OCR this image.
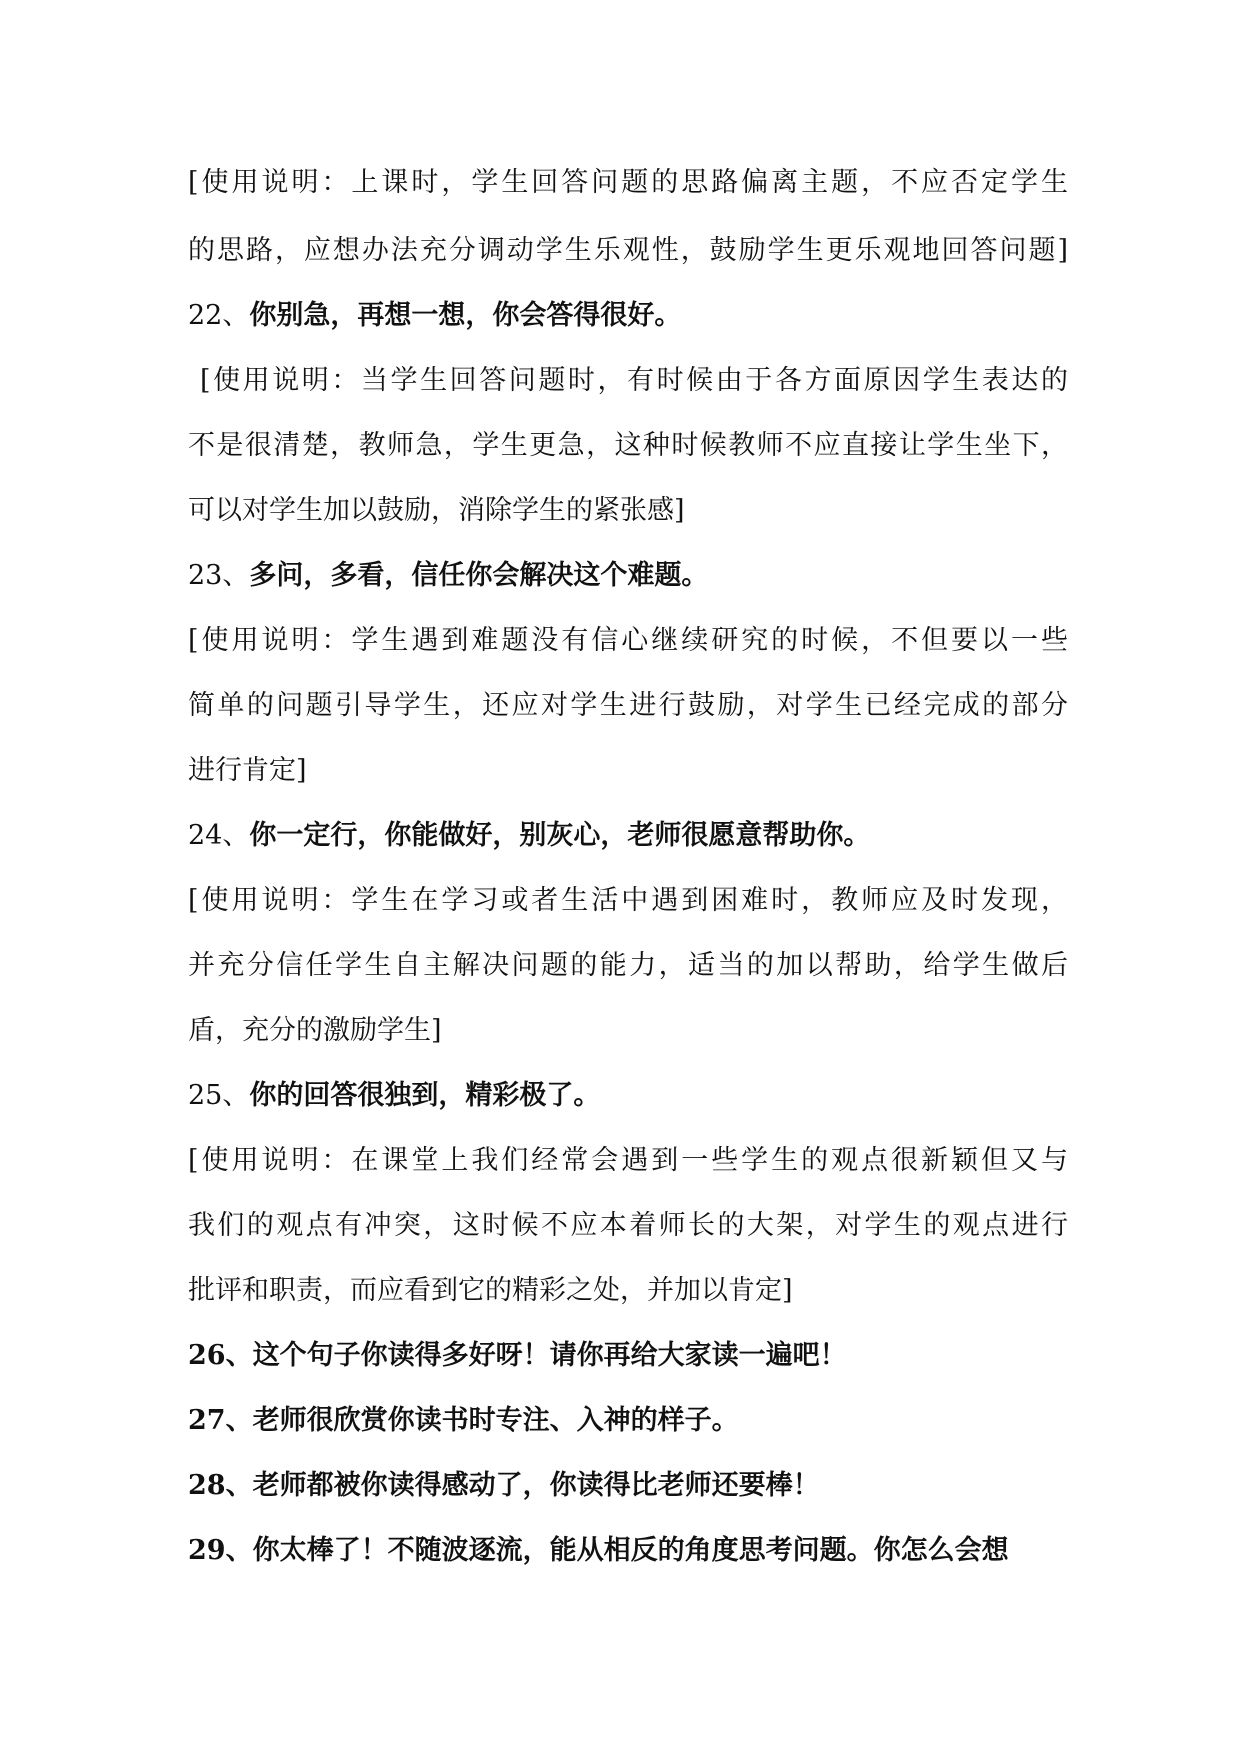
[使用说明：上课时，学生回答问题的思路偏离主题，不应否定学生
的思路，应想办法充分调动学生乐观性，鼓励学生更乐观地回答问题]
22、你别急，再想一想，你会答得很好。
[使用说明：当学生回答问题时，有时候由于各方面原因学生表达的
不是很清楚，教师急，学生更急，这种时候教师不应直接让学生坐下，
可以对学生加以鼓励，消除学生的紧张感]
23、多问，多看，信任你会解决这个难题。
[使用说明：学生遇到难题没有信心继续研究的时候，不但要以一些
简单的问题引导学生，还应对学生进行鼓励，对学生已经完成的部分
进行肯定]
24、你一定行，你能做好，别灰心，老师很愿意帮助你。
[使用说明：学生在学习或者生活中遇到困难时，教师应及时发现，
并充分信任学生自主解决问题的能力，适当的加以帮助，给学生做后
盾，充分的激励学生]
25、你的回答很独到，精彩极了。
[使用说明：在课堂上我们经常会遇到一些学生的观点很新颖但又与
我们的观点有冲突，这时候不应本着师长的大架，对学生的观点进行
批评和职责，而应看到它的精彩之处，并加以肯定]
26、这个句子你读得多好呀！请你再给大家读一遍吧！
27、老师很欣赏你读书时专注、入神的样子。
28、老师都被你读得感动了，你读得比老师还要棒！
29、你太棒了！不随波逐流，能从相反的角度思考问题。你怎么会想
